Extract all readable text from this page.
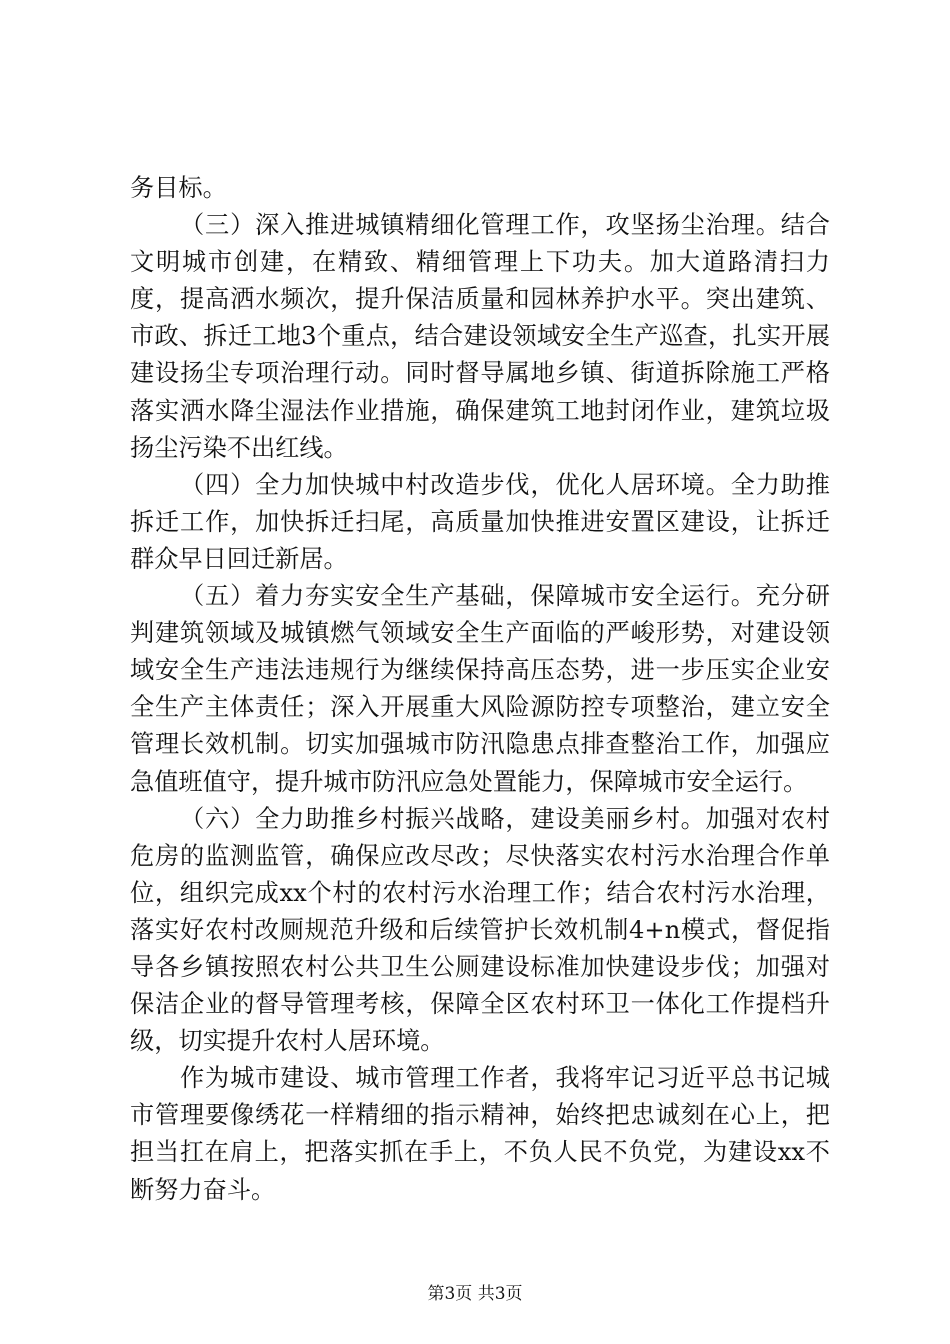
务目标。

（三）深入推进城镇精细化管理工作，攻坚扬尘治理。结合文明城市创建，在精致、精细管理上下功夫。加大道路清扫力度，提高洒水频次，提升保洁质量和园林养护水平。突出建筑、市政、拆迁工地3个重点，结合建设领域安全生产巡查，扎实开展建设扬尘专项治理行动。同时督导属地乡镇、街道拆除施工严格落实洒水降尘湿法作业措施，确保建筑工地封闭作业，建筑垃圾扬尘污染不出红线。

（四）全力加快城中村改造步伐，优化人居环境。全力助推拆迁工作，加快拆迁扫尾，高质量加快推进安置区建设，让拆迁群众早日回迁新居。

（五）着力夯实安全生产基础，保障城市安全运行。充分研判建筑领域及城镇燃气领域安全生产面临的严峻形势，对建设领域安全生产违法违规行为继续保持高压态势，进一步压实企业安全生产主体责任；深入开展重大风险源防控专项整治，建立安全管理长效机制。切实加强城市防汛隐患点排查整治工作，加强应急值班值守，提升城市防汛应急处置能力，保障城市安全运行。

（六）全力助推乡村振兴战略，建设美丽乡村。加强对农村危房的监测监管，确保应改尽改；尽快落实农村污水治理合作单位，组织完成xx个村的农村污水治理工作；结合农村污水治理，落实好农村改厕规范升级和后续管护长效机制4+n模式，督促指导各乡镇按照农村公共卫生公厕建设标准加快建设步伐；加强对保洁企业的督导管理考核，保障全区农村环卫一体化工作提档升级，切实提升农村人居环境。

作为城市建设、城市管理工作者，我将牢记习近平总书记城市管理要像绣花一样精细的指示精神，始终把忠诚刻在心上，把担当扛在肩上，把落实抓在手上，不负人民不负党，为建设xx不断努力奋斗。

第3页 共3页
